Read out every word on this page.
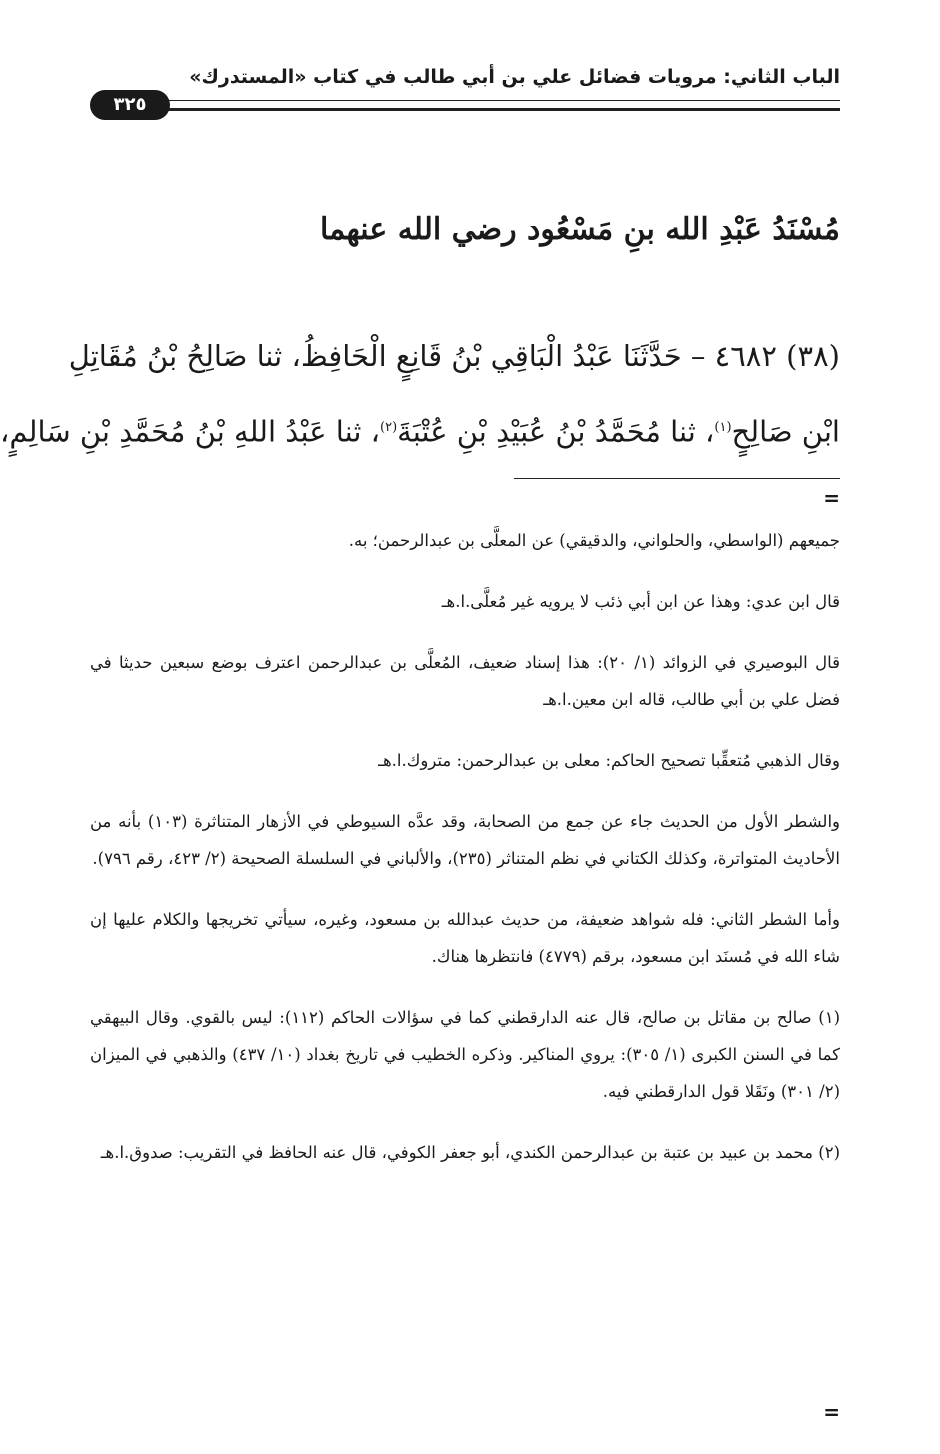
الباب الثاني: مرويات فضائل علي بن أبي طالب في كتاب «المستدرك»
٣٢٥
مُسْنَدُ عَبْدِ الله بنِ مَسْعُود رضي الله عنهما

(٣٨) ٤٦٨٢ – حَدَّثَنَا عَبْدُ الْبَاقِي بْنُ قَانِعٍ الْحَافِظُ، ثنا صَالِحُ بْنُ مُقَاتِلِ

ابْنِ صَالِحٍ$^{(١)}$، ثنا مُحَمَّدُ بْنُ عُبَيْدِ بْنِ عُتْبَةَ$^{(٢)}$، ثنا عَبْدُ اللهِ بْنُ مُحَمَّدِ بْنِ سَالِمٍ،

=

جميعهم (الواسطي، والحلواني، والدقيقي) عن المعلَّى بن عبدالرحمن؛ به.

قال ابن عدي: وهذا عن ابن أبي ذئب لا يرويه غير مُعلَّى.ا.هـ

قال البوصيري في الزوائد (١/ ٢٠): هذا إسناد ضعيف، المُعلَّى بن عبدالرحمن اعترف بوضع سبعين حديثا في فضل علي بن أبي طالب، قاله ابن معين.ا.هـ

وقال الذهبي مُتعقِّبا تصحيح الحاكم: معلى بن عبدالرحمن: متروك.ا.هـ

والشطر الأول من الحديث جاء عن جمع من الصحابة، وقد عدَّه السيوطي في الأزهار المتناثرة (١٠٣) بأنه من الأحاديث المتواترة، وكذلك الكتاني في نظم المتناثر (٢٣٥)، والألباني في السلسلة الصحيحة (٢/ ٤٢٣، رقم ٧٩٦).

وأما الشطر الثاني: فله شواهد ضعيفة، من حديث عبدالله بن مسعود، وغيره، سيأتي تخريجها والكلام عليها إن شاء الله في مُسنَد ابن مسعود، برقم (٤٧٧٩) فانتظرها هناك.

(١) صالح بن مقاتل بن صالح، قال عنه الدارقطني كما في سؤالات الحاكم (١١٢): ليس بالقوي. وقال البيهقي كما في السنن الكبرى (١/ ٣٠٥): يروي المناكير. وذكره الخطيب في تاريخ بغداد (١٠/ ٤٣٧) والذهبي في الميزان (٢/ ٣٠١) ونَقَلا قول الدارقطني فيه.

(٢) محمد بن عبيد بن عتبة بن عبدالرحمن الكندي، أبو جعفر الكوفي، قال عنه الحافظ في التقريب: صدوق.ا.هـ

=
